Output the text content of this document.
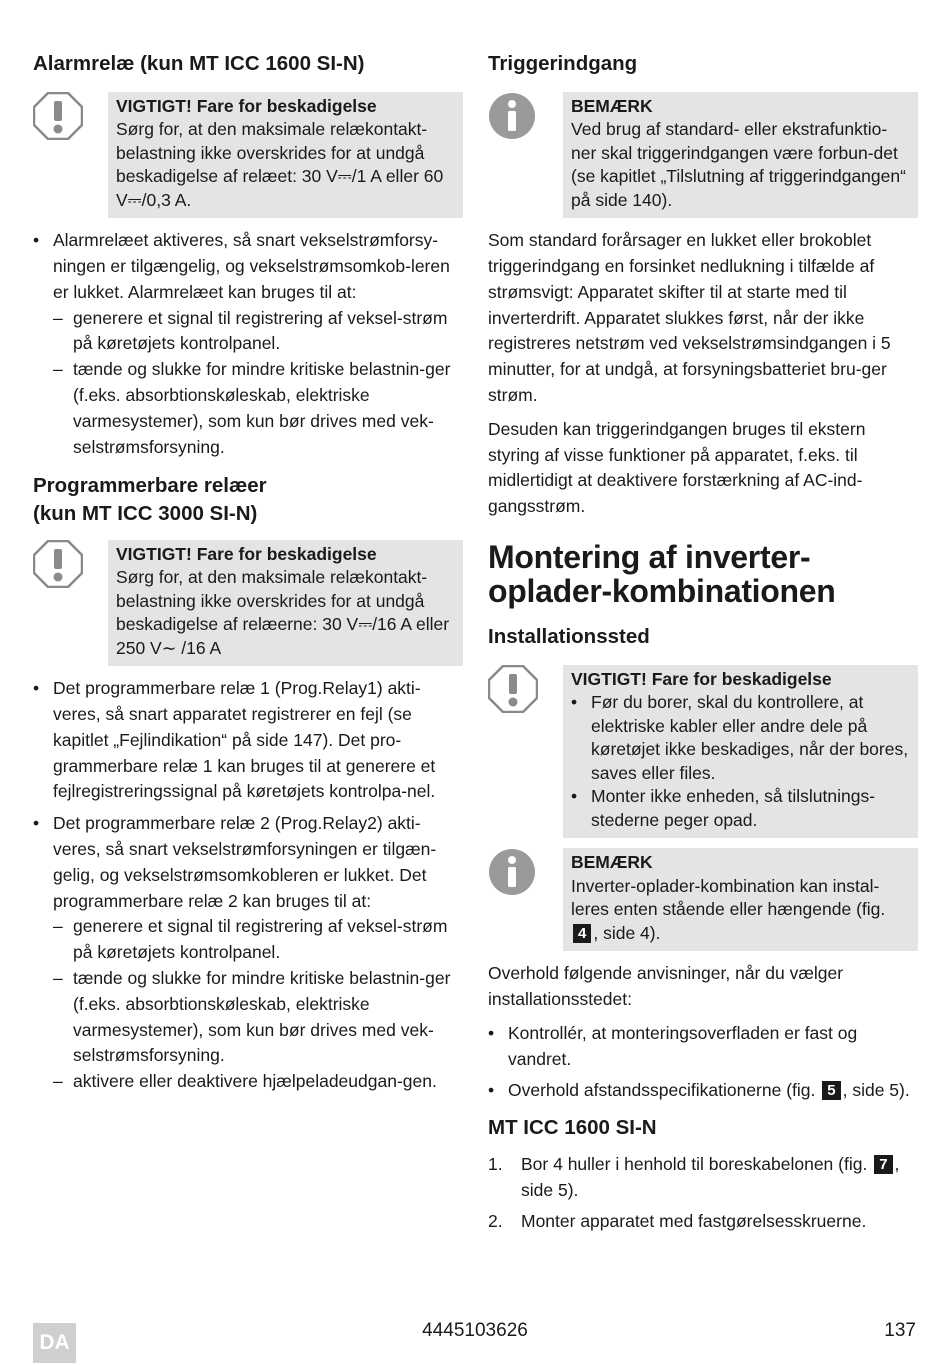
Alarmrelæ (kun MT ICC 1600 SI-N)
VIGTIGT! Fare for beskadigelse
Sørg for, at den maksimale relækontakt-belastning ikke overskrides for at undgå beskadigelse af relæet: 30 V⎓/1 A eller 60 V⎓/0,3 A.
• Alarmrelæet aktiveres, så snart vekselstrømforsy-ningen er tilgængelig, og vekselstrømsomkob-leren er lukket. Alarmrelæet kan bruges til at:
– generere et signal til registrering af veksel-strøm på køretøjets kontrolpanel.
– tænde og slukke for mindre kritiske belastnin-ger (f.eks. absorbtionskøleskab, elektriske varmesystemer), som kun bør drives med vek-selstrømsforsyning.
Programmerbare relæer
(kun MT ICC 3000 SI-N)
VIGTIGT! Fare for beskadigelse
Sørg for, at den maksimale relækontakt-belastning ikke overskrides for at undgå beskadigelse af relæerne: 30 V⎓/16 A eller 250 V∼ /16 A
• Det programmerbare relæ 1 (Prog.Relay1) akti-veres, så snart apparatet registrerer en fejl (se kapitlet „Fejlindikation“ på side 147). Det pro-grammerbare relæ 1 kan bruges til at generere et fejlregistreringssignal på køretøjets kontrolpa-nel.
• Det programmerbare relæ 2 (Prog.Relay2) akti-veres, så snart vekselstrømforsyningen er tilgæn-gelig, og vekselstrømsomkobleren er lukket. Det programmerbare relæ 2 kan bruges til at:
– generere et signal til registrering af veksel-strøm på køretøjets kontrolpanel.
– tænde og slukke for mindre kritiske belastnin-ger (f.eks. absorbtionskøleskab, elektriske varmesystemer), som kun bør drives med vek-selstrømsforsyning.
– aktivere eller deaktivere hjælpeladeudgan-gen.
Triggerindgang
BEMÆRK
Ved brug af standard- eller ekstrafunktio-ner skal triggerindgangen være forbun-det (se kapitlet „Tilslutning af triggerindgangen“ på side 140).

Som standard forårsager en lukket eller brokoblet triggerindgang en forsinket nedlukning i tilfælde af strømsvigt: Apparatet skifter til at starte med til inverterdrift. Apparatet slukkes først, når der ikke registreres netstrøm ved vekselstrømsindgangen i 5 minutter, for at undgå, at forsyningsbatteriet bru-ger strøm.

Desuden kan triggerindgangen bruges til ekstern styring af visse funktioner på apparatet, f.eks. til midlertidigt at deaktivere forstærkning af AC-ind-gangsstrøm.

Montering af inverter-
oplader-kombinationen
Installationssted
VIGTIGT! Fare for beskadigelse
• Før du borer, skal du kontrollere, at elektriske kabler eller andre dele på køretøjet ikke beskadiges, når der bores, saves eller files.
• Monter ikke enheden, så tilslutnings-stederne peger opad.
BEMÆRK
Inverter-oplader-kombination kan instal-leres enten stående eller hængende (fig. 4 , side 4).

Overhold følgende anvisninger, når du vælger installationsstedet:

• Kontrollér, at monteringsoverfladen er fast og vandret.
• Overhold afstandsspecifikationerne (fig. 5 , side 5).
MT ICC 1600 SI-N
1. Bor 4 huller i henhold til boreskabelonen (fig. 7 , side 5).
2. Monter apparatet med fastgørelsesskruerne.
DA
4445103626	137
